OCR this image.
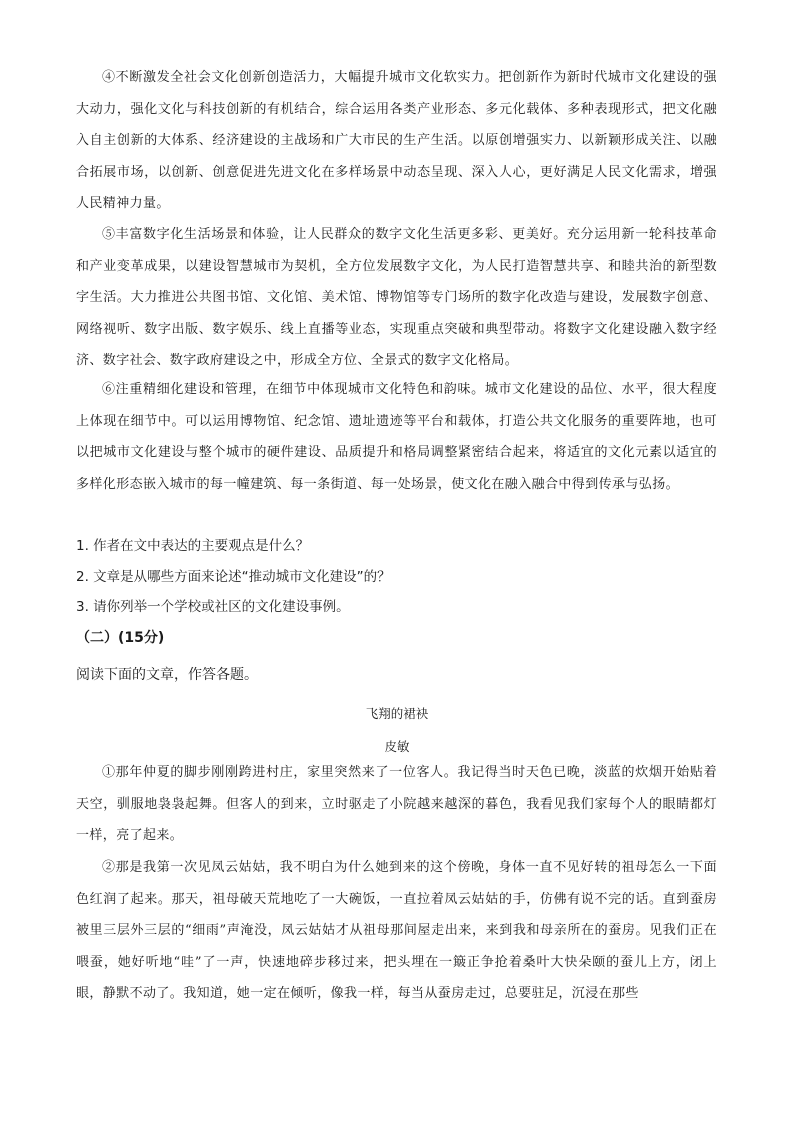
④不断激发全社会文化创新创造活力，大幅提升城市文化软实力。把创新作为新时代城市文化建设的强大动力，强化文化与科技创新的有机结合，综合运用各类产业形态、多元化载体、多种表现形式，把文化融入自主创新的大体系、经济建设的主战场和广大市民的生产生活。以原创增强实力、以新颖形成关注、以融合拓展市场，以创新、创意促进先进文化在多样场景中动态呈现、深入人心，更好满足人民文化需求，增强人民精神力量。

⑤丰富数字化生活场景和体验，让人民群众的数字文化生活更多彩、更美好。充分运用新一轮科技革命和产业变革成果，以建设智慧城市为契机，全方位发展数字文化，为人民打造智慧共享、和睦共治的新型数字生活。大力推进公共图书馆、文化馆、美术馆、博物馆等专门场所的数字化改造与建设，发展数字创意、网络视听、数字出版、数字娱乐、线上直播等业态，实现重点突破和典型带动。将数字文化建设融入数字经济、数字社会、数字政府建设之中，形成全方位、全景式的数字文化格局。

⑥注重精细化建设和管理，在细节中体现城市文化特色和韵味。城市文化建设的品位、水平，很大程度上体现在细节中。可以运用博物馆、纪念馆、遗址遗迹等平台和载体，打造公共文化服务的重要阵地，也可以把城市文化建设与整个城市的硬件建设、品质提升和格局调整紧密结合起来，将适宜的文化元素以适宜的多样化形态嵌入城市的每一幢建筑、每一条街道、每一处场景，使文化在融入融合中得到传承与弘扬。

1. 作者在文中表达的主要观点是什么？
2. 文章是从哪些方面来论述“推动城市文化建设”的？
3. 请你列举一个学校或社区的文化建设事例。
（二）(15分)
阅读下面的文章，作答各题。
飞翔的裙袂
皮敏

①那年仲夏的脚步刚刚跨进村庄，家里突然来了一位客人。我记得当时天色已晚，淡蓝的炊烟开始贴着天空，驯服地袅袅起舞。但客人的到来，立时驱走了小院越来越深的暮色，我看见我们家每个人的眼睛都灯一样，亮了起来。

②那是我第一次见凤云姑姑，我不明白为什么她到来的这个傍晚，身体一直不见好转的祖母怎么一下面色红润了起来。那天，祖母破天荒地吃了一大碗饭，一直拉着凤云姑姑的手，仿佛有说不完的话。直到蚕房被里三层外三层的“细雨”声淹没，凤云姑姑才从祖母那间屋走出来，来到我和母亲所在的蚕房。见我们正在喂蚕，她好听地“哇”了一声，快速地碎步移过来，把头埋在一簸正争抢着桑叶大快朵颐的蚕儿上方，闭上眼，静默不动了。我知道，她一定在倾听，像我一样，每当从蚕房走过，总要驻足，沉浸在那些
